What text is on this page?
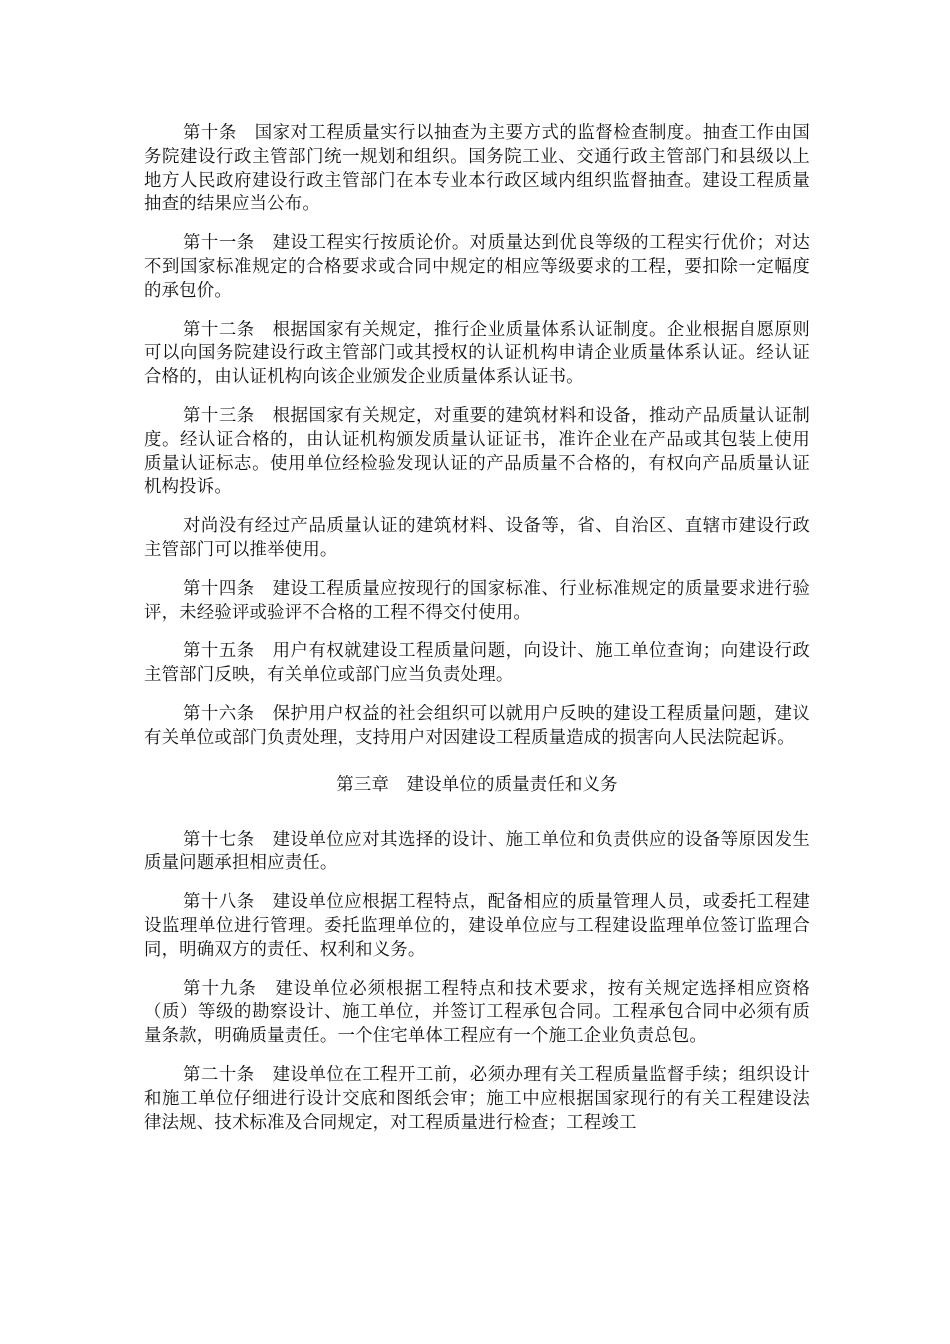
第十条　国家对工程质量实行以抽查为主要方式的监督检查制度。抽查工作由国务院建设行政主管部门统一规划和组织。国务院工业、交通行政主管部门和县级以上地方人民政府建设行政主管部门在本专业本行政区域内组织监督抽查。建设工程质量抽查的结果应当公布。

第十一条　建设工程实行按质论价。对质量达到优良等级的工程实行优价；对达不到国家标准规定的合格要求或合同中规定的相应等级要求的工程，要扣除一定幅度的承包价。

第十二条　根据国家有关规定，推行企业质量体系认证制度。企业根据自愿原则可以向国务院建设行政主管部门或其授权的认证机构申请企业质量体系认证。经认证合格的，由认证机构向该企业颁发企业质量体系认证书。

第十三条　根据国家有关规定，对重要的建筑材料和设备，推动产品质量认证制度。经认证合格的，由认证机构颁发质量认证证书，准许企业在产品或其包装上使用质量认证标志。使用单位经检验发现认证的产品质量不合格的，有权向产品质量认证机构投诉。

对尚没有经过产品质量认证的建筑材料、设备等，省、自治区、直辖市建设行政主管部门可以推举使用。

第十四条　建设工程质量应按现行的国家标准、行业标准规定的质量要求进行验评，未经验评或验评不合格的工程不得交付使用。

第十五条　用户有权就建设工程质量问题，向设计、施工单位查询；向建设行政主管部门反映，有关单位或部门应当负责处理。

第十六条　保护用户权益的社会组织可以就用户反映的建设工程质量问题，建议有关单位或部门负责处理，支持用户对因建设工程质量造成的损害向人民法院起诉。

第三章　建设单位的质量责任和义务

第十七条　建设单位应对其选择的设计、施工单位和负责供应的设备等原因发生质量问题承担相应责任。

第十八条　建设单位应根据工程特点，配备相应的质量管理人员，或委托工程建设监理单位进行管理。委托监理单位的，建设单位应与工程建设监理单位签订监理合同，明确双方的责任、权利和义务。

第十九条　建设单位必须根据工程特点和技术要求，按有关规定选择相应资格（质）等级的勘察设计、施工单位，并签订工程承包合同。工程承包合同中必须有质量条款，明确质量责任。一个住宅单体工程应有一个施工企业负责总包。

第二十条　建设单位在工程开工前，必须办理有关工程质量监督手续；组织设计和施工单位仔细进行设计交底和图纸会审；施工中应根据国家现行的有关工程建设法律法规、技术标准及合同规定，对工程质量进行检查；工程竣工
